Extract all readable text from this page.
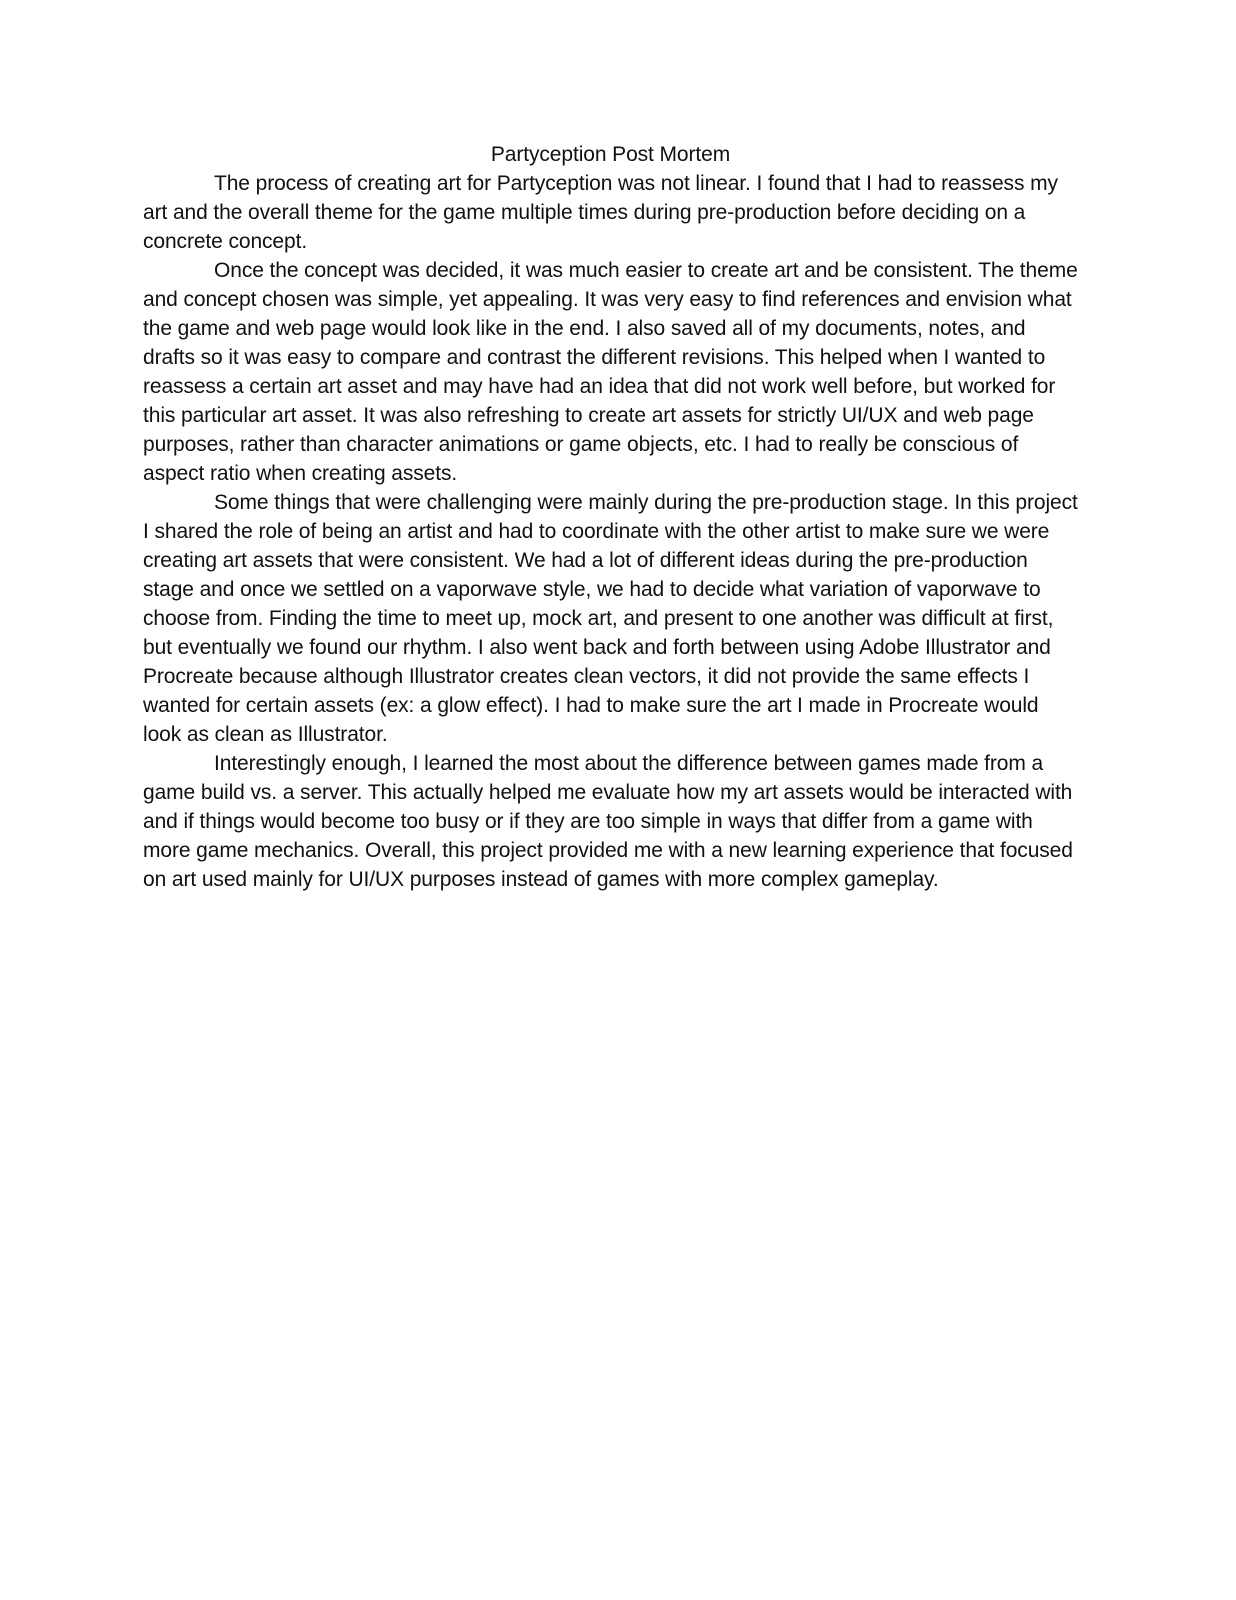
Partyception Post Mortem

The process of creating art for Partyception was not linear. I found that I had to reassess my art and the overall theme for the game multiple times during pre-production before deciding on a concrete concept.

Once the concept was decided, it was much easier to create art and be consistent. The theme and concept chosen was simple, yet appealing. It was very easy to find references and envision what the game and web page would look like in the end. I also saved all of my documents, notes, and drafts so it was easy to compare and contrast the different revisions. This helped when I wanted to reassess a certain art asset and may have had an idea that did not work well before, but worked for this particular art asset. It was also refreshing to create art assets for strictly UI/UX and web page purposes, rather than character animations or game objects, etc. I had to really be conscious of aspect ratio when creating assets.

Some things that were challenging were mainly during the pre-production stage. In this project I shared the role of being an artist and had to coordinate with the other artist to make sure we were creating art assets that were consistent. We had a lot of different ideas during the pre-production stage and once we settled on a vaporwave style, we had to decide what variation of vaporwave to choose from. Finding the time to meet up, mock art, and present to one another was difficult at first, but eventually we found our rhythm. I also went back and forth between using Adobe Illustrator and Procreate because although Illustrator creates clean vectors, it did not provide the same effects I wanted for certain assets (ex: a glow effect). I had to make sure the art I made in Procreate would look as clean as Illustrator.

Interestingly enough, I learned the most about the difference between games made from a game build vs. a server. This actually helped me evaluate how my art assets would be interacted with and if things would become too busy or if they are too simple in ways that differ from a game with more game mechanics. Overall, this project provided me with a new learning experience that focused on art used mainly for UI/UX purposes instead of games with more complex gameplay.
